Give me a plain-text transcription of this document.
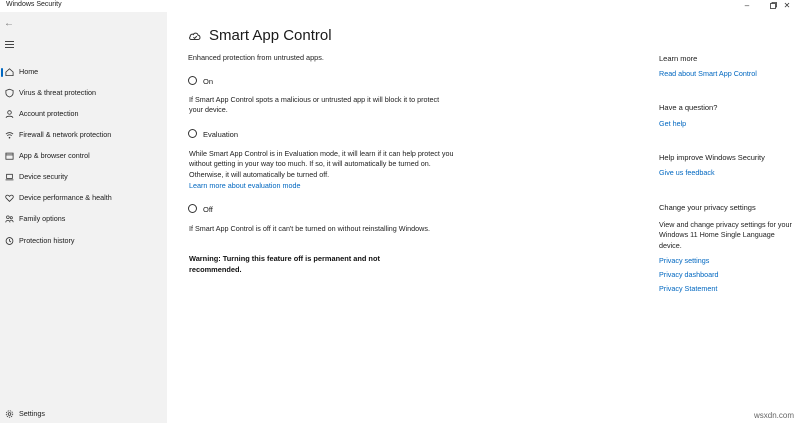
Windows Security	–	✕
←
Home
Virus & threat protection
Account protection
Firewall & network protection
App & browser control
Device security
Device performance & health
Family options
Protection history
Settings
Smart App Control
Enhanced protection from untrusted apps.
On
If Smart App Control spots a malicious or untrusted app it will block it to protect your device.
Evaluation
While Smart App Control is in Evaluation mode, it will learn if it can help protect you without getting in your way too much. If so, it will automatically be turned on. Otherwise, it will automatically be turned off.
Learn more about evaluation mode
Off
If Smart App Control is off it can't be turned on without reinstalling Windows.
Warning: Turning this feature off is permanent and not recommended.
Learn more
Read about Smart App Control
Have a question?
Get help
Help improve Windows Security
Give us feedback
Change your privacy settings
View and change privacy settings for your Windows 11 Home Single Language device.
Privacy settings
Privacy dashboard
Privacy Statement
wsxdn.com
